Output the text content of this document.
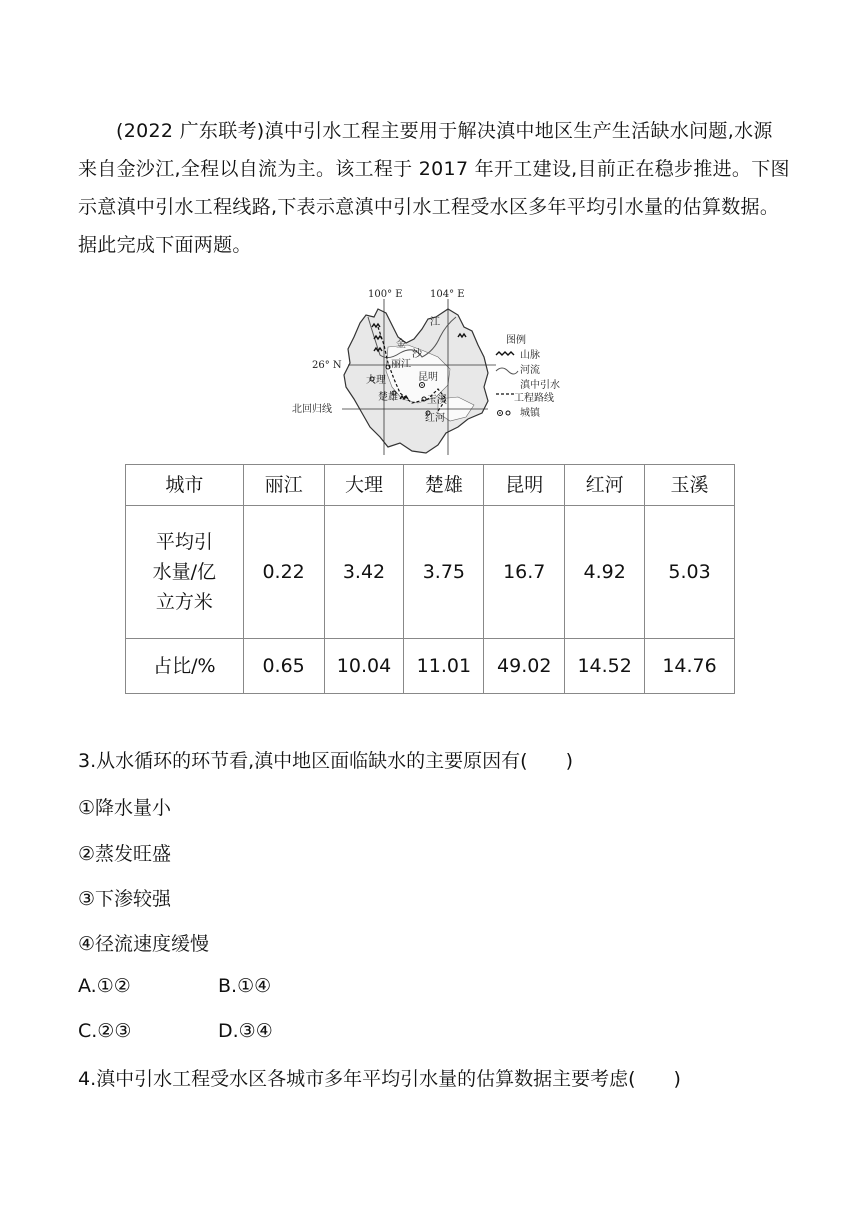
(2022 广东联考)滇中引水工程主要用于解决滇中地区生产生活缺水问题,水源来自金沙江,全程以自流为主。该工程于 2017 年开工建设,目前正在稳步推进。下图示意滇中引水工程线路,下表示意滇中引水工程受水区多年平均引水量的估算数据。据此完成下面两题。

100° E	104° E
26° N
北回归线
金
沙
江
丽江
大理
楚雄
昆明
玉溪
红河
图例
山脉
河流
滇中引水
工程路线
城镇
城市	丽江	大理	楚雄	昆明	红河	玉溪

平均引
水量/亿
立方米	0.22	3.42	3.75	16.7	4.92	5.03
占比/%	0.65	10.04	11.01	49.02	14.52	14.76

3.从水循环的环节看,滇中地区面临缺水的主要原因有(　　)

①降水量小

②蒸发旺盛

③下渗较强

④径流速度缓慢

A.①②	B.①④
C.②③	D.③④

4.滇中引水工程受水区各城市多年平均引水量的估算数据主要考虑(　　)
